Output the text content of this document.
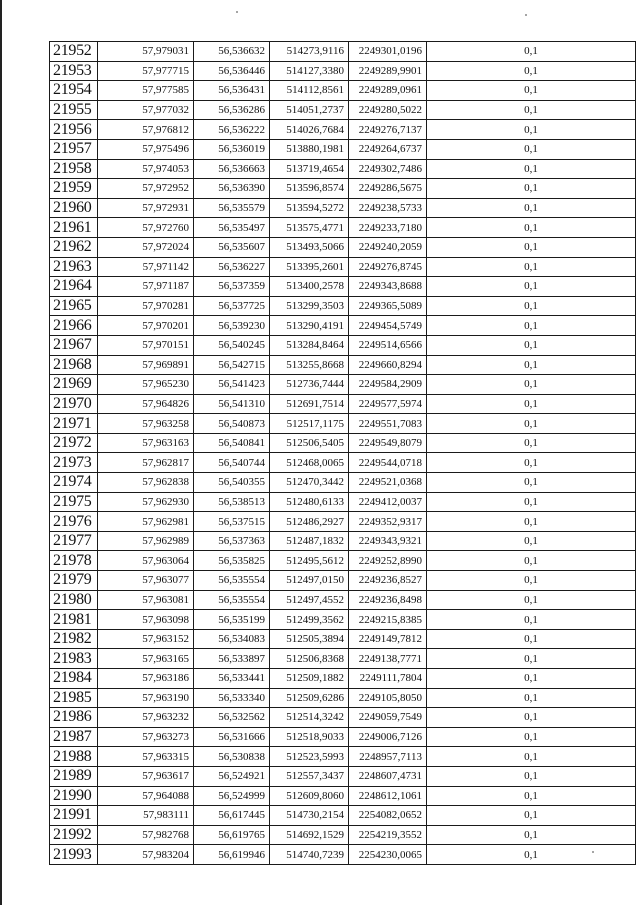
21952	57,979031	56,536632	514273,9116	2249301,0196	0,1
21953	57,977715	56,536446	514127,3380	2249289,9901	0,1
21954	57,977585	56,536431	514112,8561	2249289,0961	0,1
21955	57,977032	56,536286	514051,2737	2249280,5022	0,1
21956	57,976812	56,536222	514026,7684	2249276,7137	0,1
21957	57,975496	56,536019	513880,1981	2249264,6737	0,1
21958	57,974053	56,536663	513719,4654	2249302,7486	0,1
21959	57,972952	56,536390	513596,8574	2249286,5675	0,1
21960	57,972931	56,535579	513594,5272	2249238,5733	0,1
21961	57,972760	56,535497	513575,4771	2249233,7180	0,1
21962	57,972024	56,535607	513493,5066	2249240,2059	0,1
21963	57,971142	56,536227	513395,2601	2249276,8745	0,1
21964	57,971187	56,537359	513400,2578	2249343,8688	0,1
21965	57,970281	56,537725	513299,3503	2249365,5089	0,1
21966	57,970201	56,539230	513290,4191	2249454,5749	0,1
21967	57,970151	56,540245	513284,8464	2249514,6566	0,1
21968	57,969891	56,542715	513255,8668	2249660,8294	0,1
21969	57,965230	56,541423	512736,7444	2249584,2909	0,1
21970	57,964826	56,541310	512691,7514	2249577,5974	0,1
21971	57,963258	56,540873	512517,1175	2249551,7083	0,1
21972	57,963163	56,540841	512506,5405	2249549,8079	0,1
21973	57,962817	56,540744	512468,0065	2249544,0718	0,1
21974	57,962838	56,540355	512470,3442	2249521,0368	0,1
21975	57,962930	56,538513	512480,6133	2249412,0037	0,1
21976	57,962981	56,537515	512486,2927	2249352,9317	0,1
21977	57,962989	56,537363	512487,1832	2249343,9321	0,1
21978	57,963064	56,535825	512495,5612	2249252,8990	0,1
21979	57,963077	56,535554	512497,0150	2249236,8527	0,1
21980	57,963081	56,535554	512497,4552	2249236,8498	0,1
21981	57,963098	56,535199	512499,3562	2249215,8385	0,1
21982	57,963152	56,534083	512505,3894	2249149,7812	0,1
21983	57,963165	56,533897	512506,8368	2249138,7771	0,1
21984	57,963186	56,533441	512509,1882	2249111,7804	0,1
21985	57,963190	56,533340	512509,6286	2249105,8050	0,1
21986	57,963232	56,532562	512514,3242	2249059,7549	0,1
21987	57,963273	56,531666	512518,9033	2249006,7126	0,1
21988	57,963315	56,530838	512523,5993	2248957,7113	0,1
21989	57,963617	56,524921	512557,3437	2248607,4731	0,1
21990	57,964088	56,524999	512609,8060	2248612,1061	0,1
21991	57,983111	56,617445	514730,2154	2254082,0652	0,1
21992	57,982768	56,619765	514692,1529	2254219,3552	0,1
21993	57,983204	56,619946	514740,7239	2254230,0065	0,1
